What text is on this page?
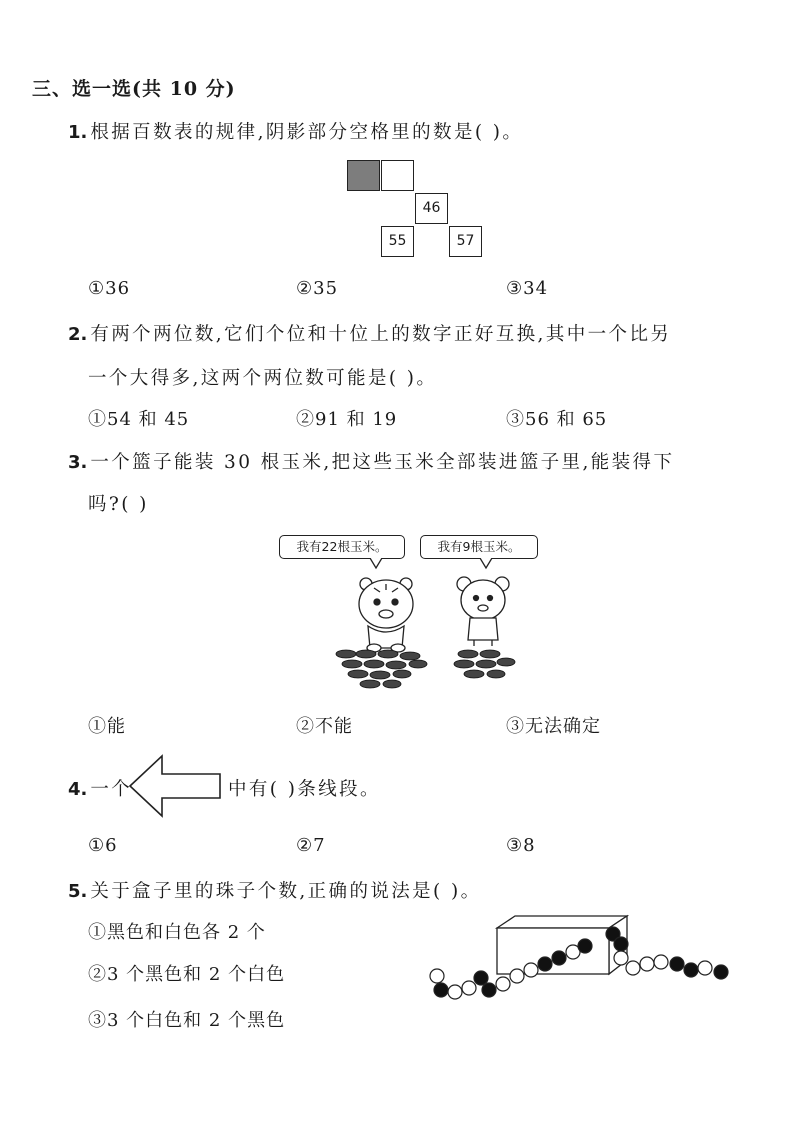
三、选一选(共 10 分)
1. 根据百数表的规律,阴影部分空格里的数是( )。
46
55	57
①36	②35	③34
2. 有两个两位数,它们个位和十位上的数字正好互换,其中一个比另
一个大得多,这两个两位数可能是( )。
①54 和 45	②91 和 19	③56 和 65
3. 一个篮子能装 30 根玉米,把这些玉米全部装进篮子里,能装得下
吗?( )
我有22根玉米。	我有9根玉米。
①能	②不能	③无法确定
4. 一个	中有( )条线段。
①6	②7	③8
5. 关于盒子里的珠子个数,正确的说法是( )。
①黑色和白色各 2 个
②3 个黑色和 2 个白色
③3 个白色和 2 个黑色
